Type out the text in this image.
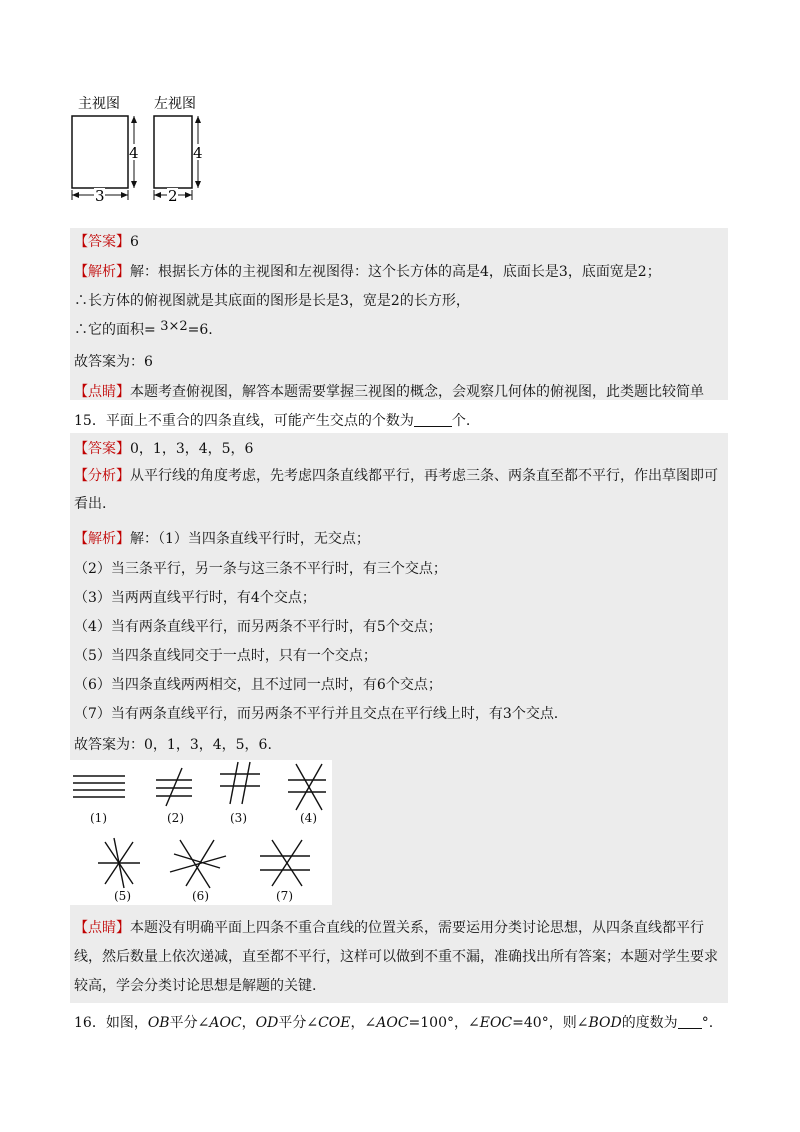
主视图 左视图
4
3
4
2
【答案】6
【解析】解：根据长方体的主视图和左视图得：这个长方体的高是4，底面长是3，底面宽是2；
∴长方体的俯视图就是其底面的图形是长是3，宽是2的长方形，
∴它的面积= 3×2=6.
故答案为：6
【点睛】本题考查俯视图，解答本题需要掌握三视图的概念，会观察几何体的俯视图，此类题比较简单
15．平面上不重合的四条直线，可能产生交点的个数为	个.
【答案】0，1，3，4，5，6
【分析】从平行线的角度考虑，先考虑四条直线都平行，再考虑三条、两条直至都不平行，作出草图即可看出.
【解析】解：（1）当四条直线平行时，无交点；
（2）当三条平行，另一条与这三条不平行时，有三个交点；
（3）当两两直线平行时，有4个交点；
（4）当有两条直线平行，而另两条不平行时，有5个交点；
（5）当四条直线同交于一点时，只有一个交点；
（6）当四条直线两两相交，且不过同一点时，有6个交点；
（7）当有两条直线平行，而另两条不平行并且交点在平行线上时，有3个交点.
故答案为：0，1，3，4，5，6.
(1)	(2)	(3)	(4)
(5)	(6)	(7)
【点睛】本题没有明确平面上四条不重合直线的位置关系，需要运用分类讨论思想，从四条直线都平行线，然后数量上依次递减，直至都不平行，这样可以做到不重不漏，准确找出所有答案；本题对学生要求较高，学会分类讨论思想是解题的关键.
16．如图，OB平分∠AOC，OD平分∠COE，∠AOC=100°，∠EOC=40°，则∠BOD的度数为 °.
